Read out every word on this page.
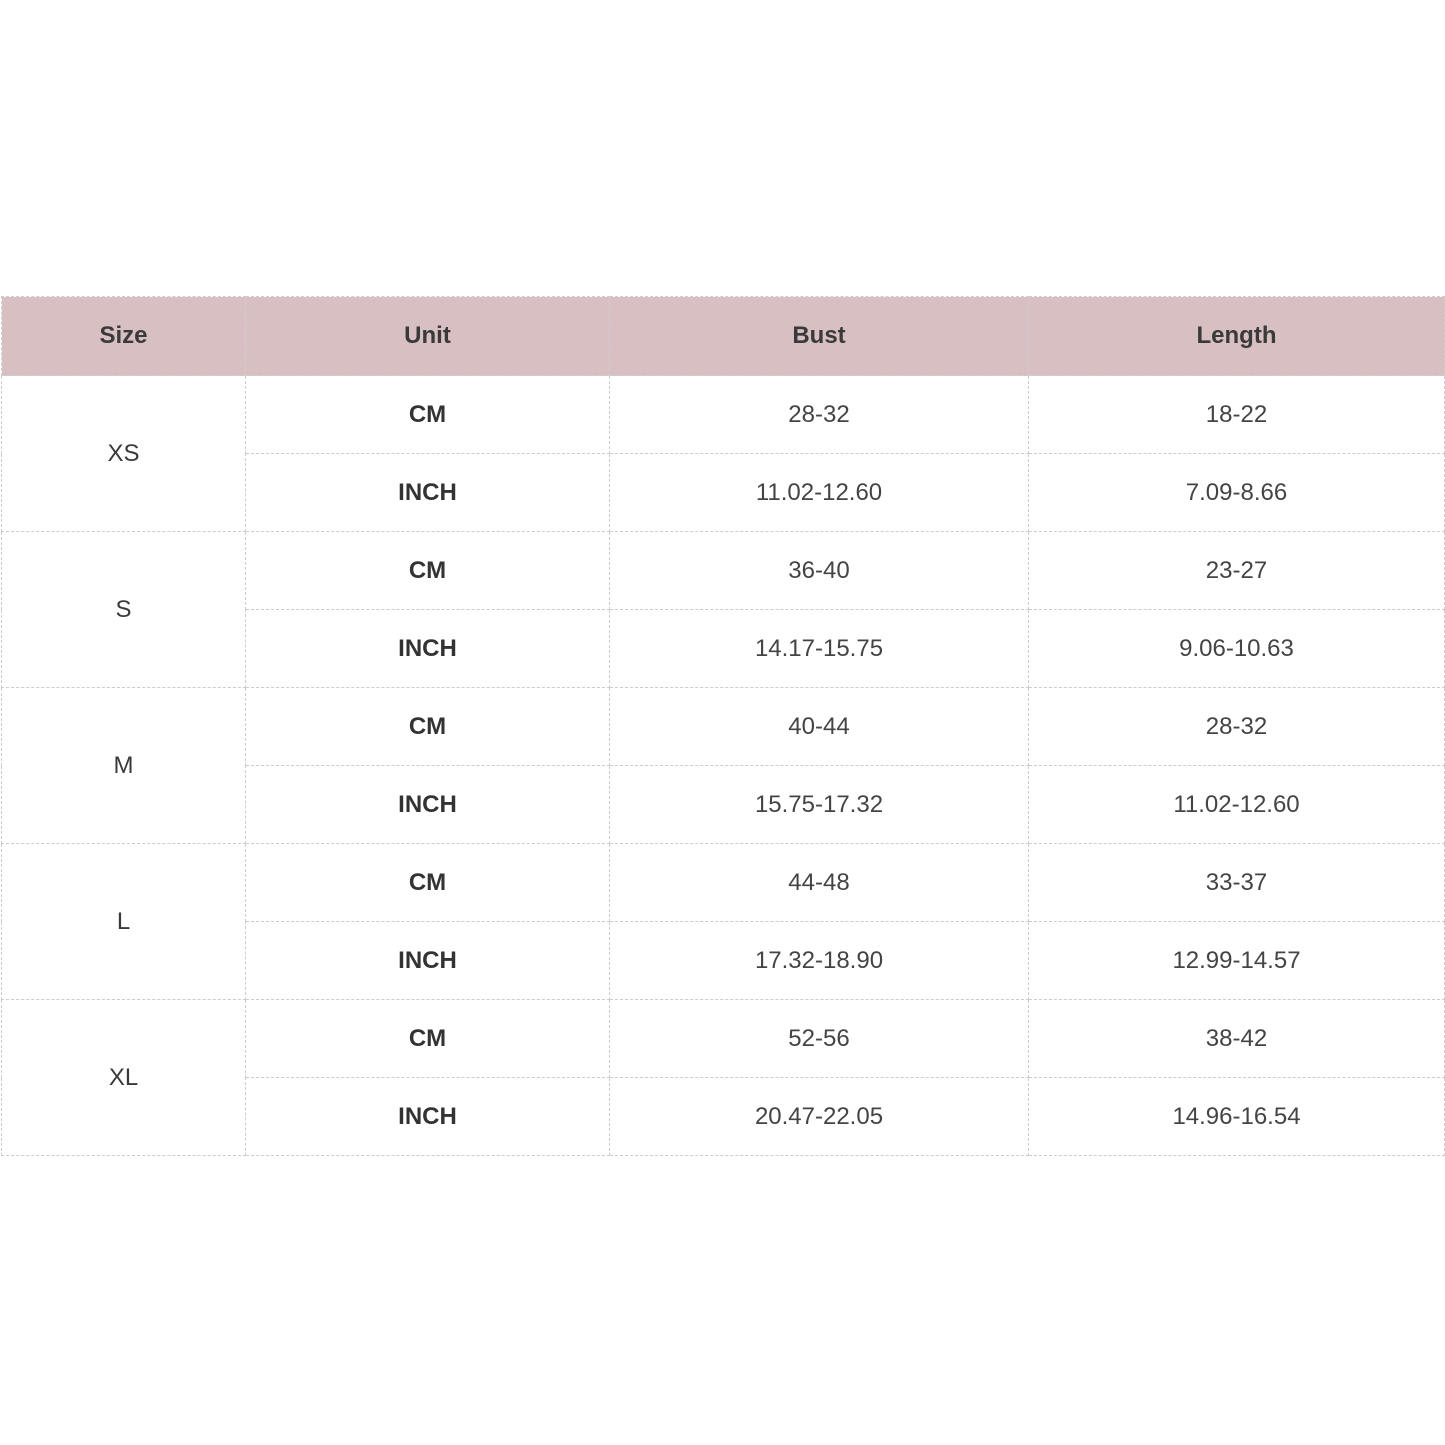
Size	Unit	Bust	Length
XS	CM	28-32	18-22
	INCH	11.02-12.60	7.09-8.66
S	CM	36-40	23-27
	INCH	14.17-15.75	9.06-10.63
M	CM	40-44	28-32
	INCH	15.75-17.32	11.02-12.60
L	CM	44-48	33-37
	INCH	17.32-18.90	12.99-14.57
XL	CM	52-56	38-42
	INCH	20.47-22.05	14.96-16.54
